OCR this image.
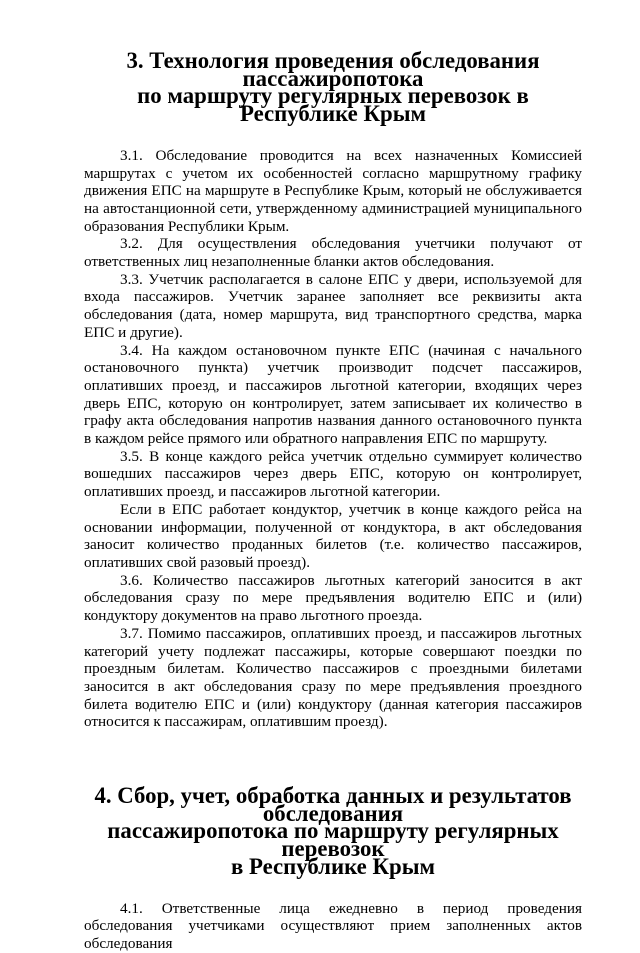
3. Технология проведения обследования пассажиропотока
по маршруту регулярных перевозок в Республике Крым

3.1. Обследование проводится на всех назначенных Комиссией маршрутах с учетом их особенностей согласно маршрутному графику движения ЕПС на маршруте в Республике Крым, который не обслуживается на автостанционной сети, утвержденному администрацией муниципального образования Республики Крым.

3.2. Для осуществления обследования учетчики получают от ответственных лиц незаполненные бланки актов обследования.

3.3. Учетчик располагается в салоне ЕПС у двери, используемой для входа пассажиров. Учетчик заранее заполняет все реквизиты акта обследования (дата, номер маршрута, вид транспортного средства, марка ЕПС и другие).

3.4. На каждом остановочном пункте ЕПС (начиная с начального остановочного пункта) учетчик производит подсчет пассажиров, оплативших проезд, и пассажиров льготной категории, входящих через дверь ЕПС, которую он контролирует, затем записывает их количество в графу акта обследования напротив названия данного остановочного пункта в каждом рейсе прямого или обратного направления ЕПС по маршруту.

3.5. В конце каждого рейса учетчик отдельно суммирует количество вошедших пассажиров через дверь ЕПС, которую он контролирует, оплативших проезд, и пассажиров льготной категории.

Если в ЕПС работает кондуктор, учетчик в конце каждого рейса на основании информации, полученной от кондуктора, в акт обследования заносит количество проданных билетов (т.е. количество пассажиров, оплативших свой разовый проезд).

3.6. Количество пассажиров льготных категорий заносится в акт обследования сразу по мере предъявления водителю ЕПС и (или) кондуктору документов на право льготного проезда.

3.7. Помимо пассажиров, оплативших проезд, и пассажиров льготных категорий учету подлежат пассажиры, которые совершают поездки по проездным билетам. Количество пассажиров с проездными билетами заносится в акт обследования сразу по мере предъявления проездного билета водителю ЕПС и (или) кондуктору (данная категория пассажиров относится к пассажирам, оплатившим проезд).

4. Сбор, учет, обработка данных и результатов обследования
пассажиропотока по маршруту регулярных перевозок
в Республике Крым

4.1. Ответственные лица ежедневно в период проведения обследования учетчиками осуществляют прием заполненных актов обследования
